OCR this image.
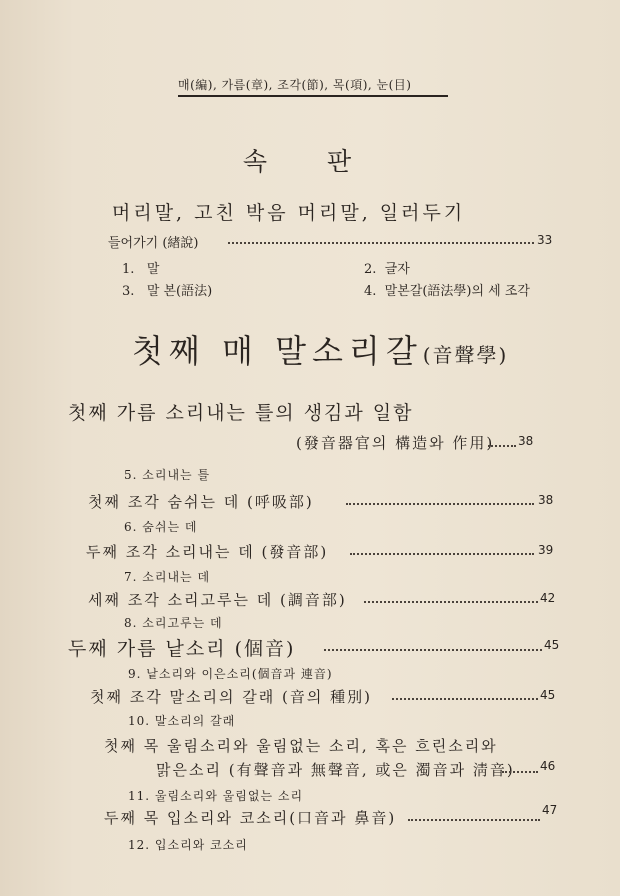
매(編), 가름(章), 조각(節), 목(項), 눈(目)
속 판
머리말, 고친 박음 머리말, 일러두기
들어가기 (緖說)	33
1. 말	2. 글자
3. 말 본(語法)	4. 말본갈(語法學)의 세 조각
첫째 매 말소리갈(音聲學)
첫째 가름 소리내는 틀의 생김과 일함
(發音器官의 構造와 作用) 38
5. 소리내는 틀
첫째 조각 숨쉬는 데 (呼吸部)	38
6. 숨쉬는 데
두째 조각 소리내는 데 (發音部)	39
7. 소리내는 데
세째 조각 소리고루는 데 (調音部)	42
8. 소리고루는 데
두째 가름 낱소리 (個音)	45
9. 낱소리와 이은소리(個音과 連音)
첫째 조각 말소리의 갈래 (音의 種別)	45
10. 말소리의 갈래
첫째 목 울림소리와 울림없는 소리, 혹은 흐린소리와
맑은소리 (有聲音과 無聲音, 或은 濁音과 淸音) 46
11. 울림소리와 울림없는 소리
두째 목 입소리와 코소리(口音과 鼻音)	47
12. 입소리와 코소리
